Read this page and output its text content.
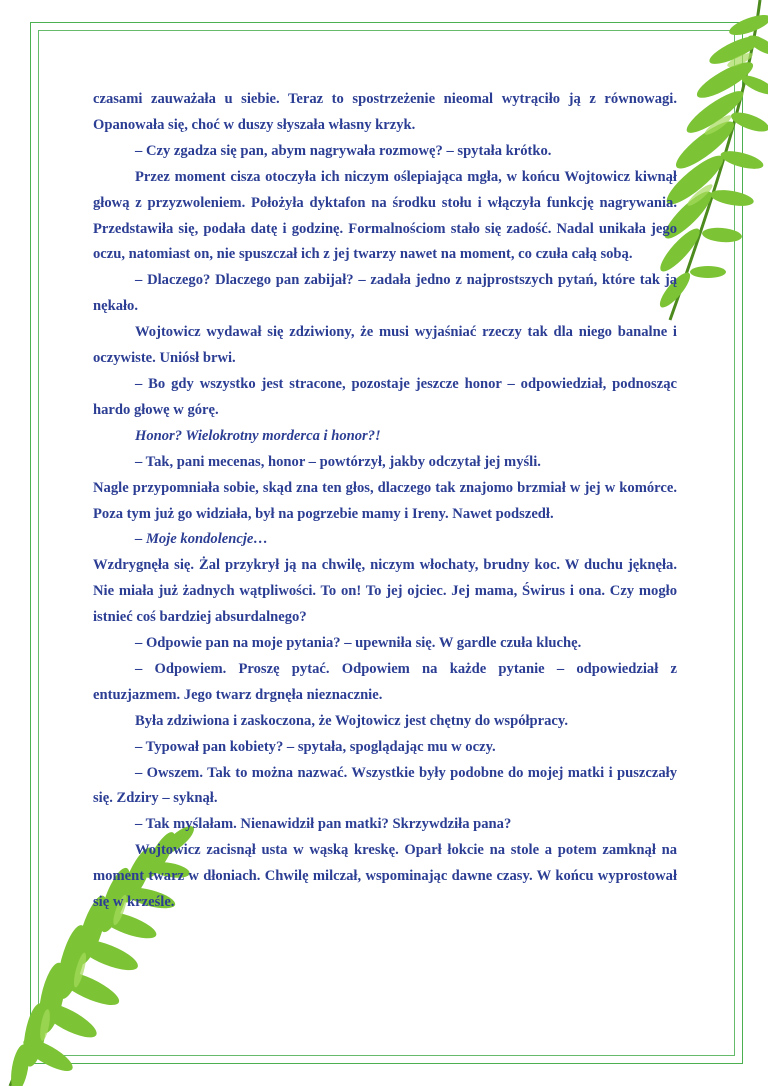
czasami zauważała u siebie. Teraz to spostrzeżenie nieomal wytrąciło ją z równowagi. Opanowała się, choć w duszy słyszała własny krzyk.

– Czy zgadza się pan, abym nagrywała rozmowę? – spytała krótko.

Przez moment cisza otoczyła ich niczym oślepiająca mgła, w końcu Wojtowicz kiwnął głową z przyzwoleniem. Położyła dyktafon na środku stołu i włączyła funkcję nagrywania. Przedstawiła się, podała datę i godzinę. Formalnościom stało się zadość. Nadal unikała jego oczu, natomiast on, nie spuszczał ich z jej twarzy nawet na moment, co czuła całą sobą.

– Dlaczego? Dlaczego pan zabijał? – zadała jedno z najprostszych pytań, które tak ją nękało.

Wojtowicz wydawał się zdziwiony, że musi wyjaśniać rzeczy tak dla niego banalne i oczywiste. Uniósł brwi.

– Bo gdy wszystko jest stracone, pozostaje jeszcze honor – odpowiedział, podnosząc hardo głowę w górę.

Honor? Wielokrotny morderca i honor?!

– Tak, pani mecenas, honor – powtórzył, jakby odczytał jej myśli.

Nagle przypomniała sobie, skąd zna ten głos, dlaczego tak znajomo brzmiał w jej w komórce. Poza tym już go widziała, był na pogrzebie mamy i Ireny. Nawet podszedł.

– Moje kondolencje…

Wzdrygnęła się. Żal przykrył ją na chwilę, niczym włochaty, brudny koc. W duchu jęknęła. Nie miała już żadnych wątpliwości. To on! To jej ojciec. Jej mama, Świrus i ona. Czy mogło istnieć coś bardziej absurdalnego?

– Odpowie pan na moje pytania? – upewniła się. W gardle czuła kluchę.

– Odpowiem. Proszę pytać. Odpowiem na każde pytanie – odpowiedział z entuzjazmem. Jego twarz drgnęła nieznacznie.

Była zdziwiona i zaskoczona, że Wojtowicz jest chętny do współpracy.

– Typował pan kobiety? – spytała, spoglądając mu w oczy.

– Owszem. Tak to można nazwać. Wszystkie były podobne do mojej matki i puszczały się. Zdziry – syknął.

– Tak myślałam. Nienawidził pan matki? Skrzywdziła pana?

Wojtowicz zacisnął usta w wąską kreskę. Oparł łokcie na stole a potem zamknął na moment twarz w dłoniach. Chwilę milczał, wspominając dawne czasy. W końcu wyprostował się w krześle.
